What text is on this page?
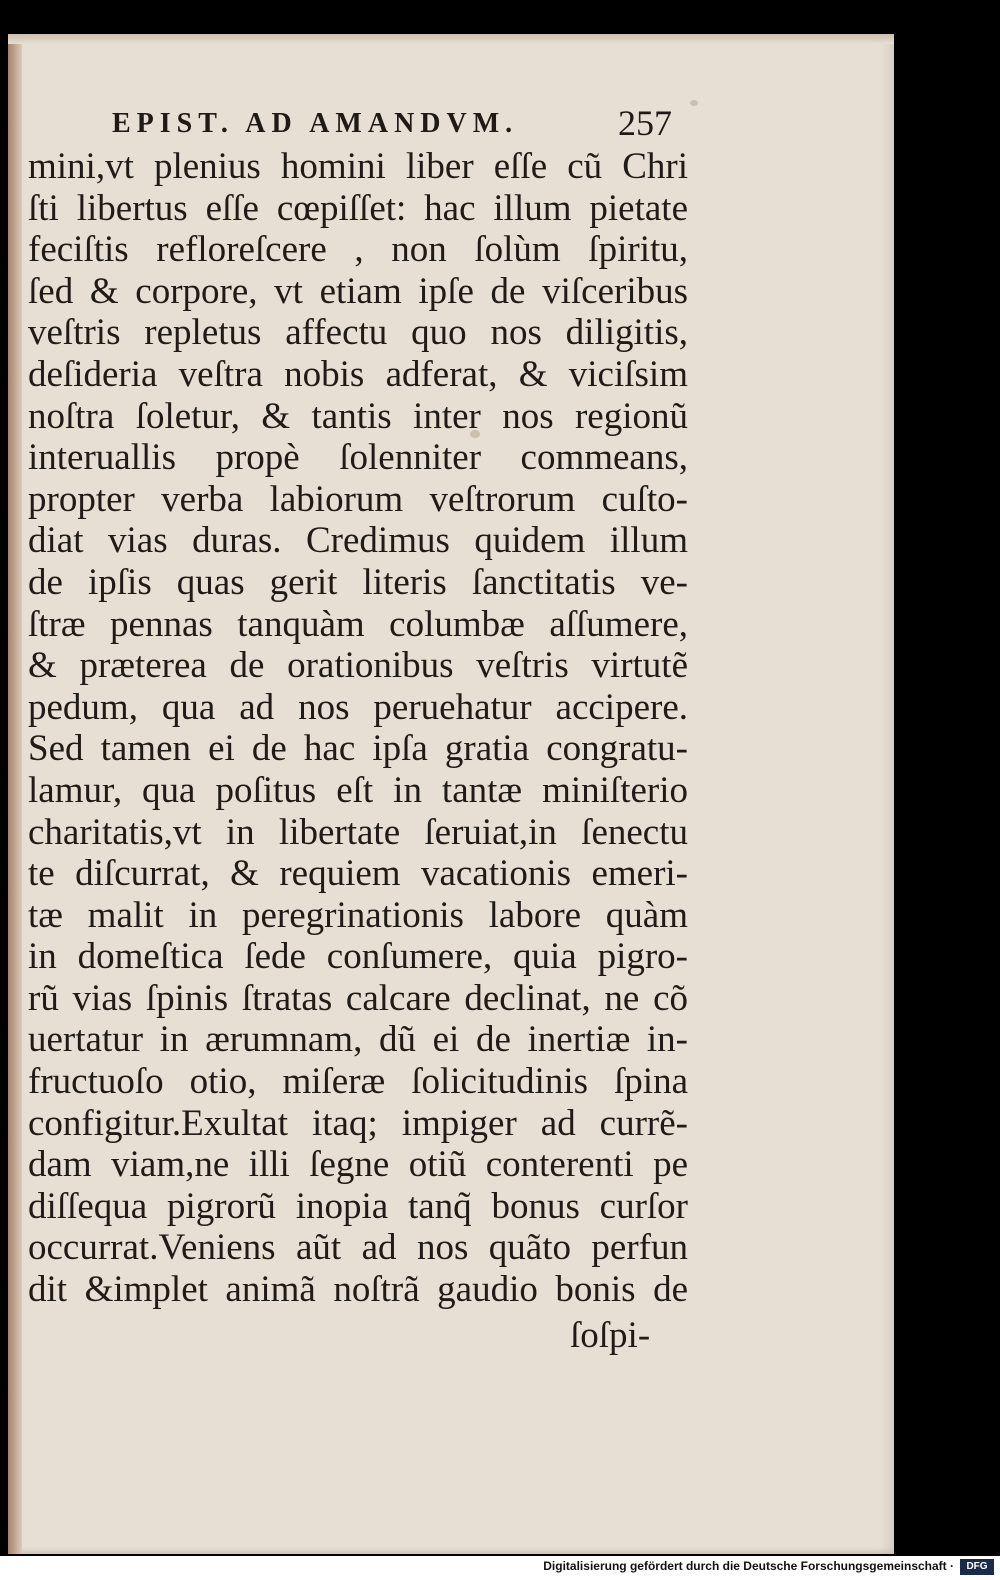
EPIST. AD AMANDVM.	257
mini,vt plenius homini liber eſſe cũ Chri
ſti libertus eſſe cœpiſſet: hac illum pietate
feciſtis refloreſcere , non ſolùm ſpiritu,
ſed & corpore, vt etiam ipſe de viſceribus
veſtris repletus affectu quo nos diligitis,
deſideria veſtra nobis adferat, & viciſsim
noſtra ſoletur, & tantis inter nos regionũ
interuallis propè ſolenniter commeans,
propter verba labiorum veſtrorum cuſto-
diat vias duras. Credimus quidem illum
de ipſis quas gerit literis ſanctitatis ve-
ſtræ pennas tanquàm columbæ aſſumere,
& præterea de orationibus veſtris virtutẽ
pedum, qua ad nos peruehatur accipere.
Sed tamen ei de hac ipſa gratia congratu-
lamur, qua poſitus eſt in tantæ miniſterio
charitatis,vt in libertate ſeruiat,in ſenectu
te diſcurrat, & requiem vacationis emeri-
tæ malit in peregrinationis labore quàm
in domeſtica ſede conſumere, quia pigro-
rũ vias ſpinis ſtratas calcare declinat, ne cõ
uertatur in ærumnam, dũ ei de inertiæ in-
fructuoſo otio, miſeræ ſolicitudinis ſpina
configitur.Exultat itaq; impiger ad currẽ-
dam viam,ne illi ſegne otiũ conterenti pe
diſſequa pigrorũ inopia tanq̃ bonus curſor
occurrat.Veniens aũt ad nos quãto perfun
dit &implet animã noſtrã gaudio bonis de
ſoſpi-
Digitalisierung gefördert durch die Deutsche Forschungsgemeinschaft ·	DFG
